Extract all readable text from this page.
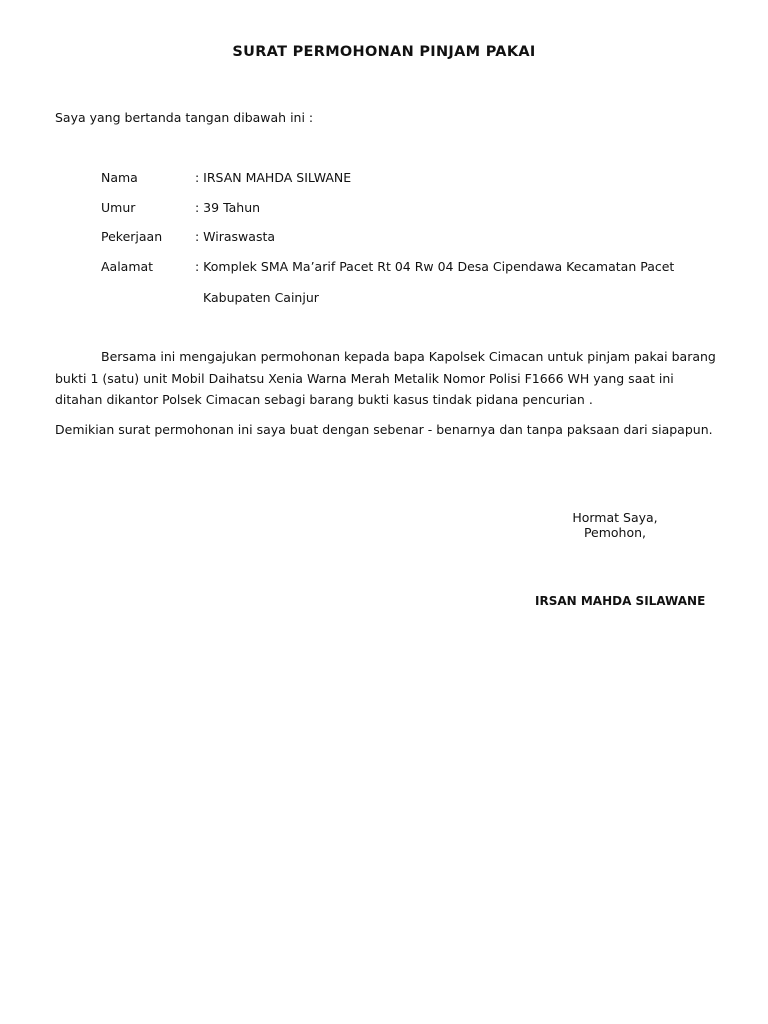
SURAT PERMOHONAN PINJAM PAKAI
Saya yang bertanda tangan dibawah ini :
Nama	: IRSAN MAHDA SILWANE
Umur	: 39 Tahun
Pekerjaan	: Wiraswasta
Aalamat	: Komplek SMA Ma’arif Pacet Rt 04 Rw 04 Desa Cipendawa Kecamatan Pacet
Kabupaten Cainjur
Bersama ini mengajukan permohonan kepada bapa Kapolsek Cimacan untuk pinjam pakai barang bukti 1 (satu) unit Mobil Daihatsu Xenia Warna Merah Metalik Nomor Polisi F1666 WH yang saat ini ditahan dikantor Polsek Cimacan sebagi barang bukti kasus tindak pidana pencurian .
Demikian surat permohonan ini saya buat dengan sebenar - benarnya dan tanpa paksaan dari siapapun.
Hormat Saya,
Pemohon,
IRSAN MAHDA SILAWANE
